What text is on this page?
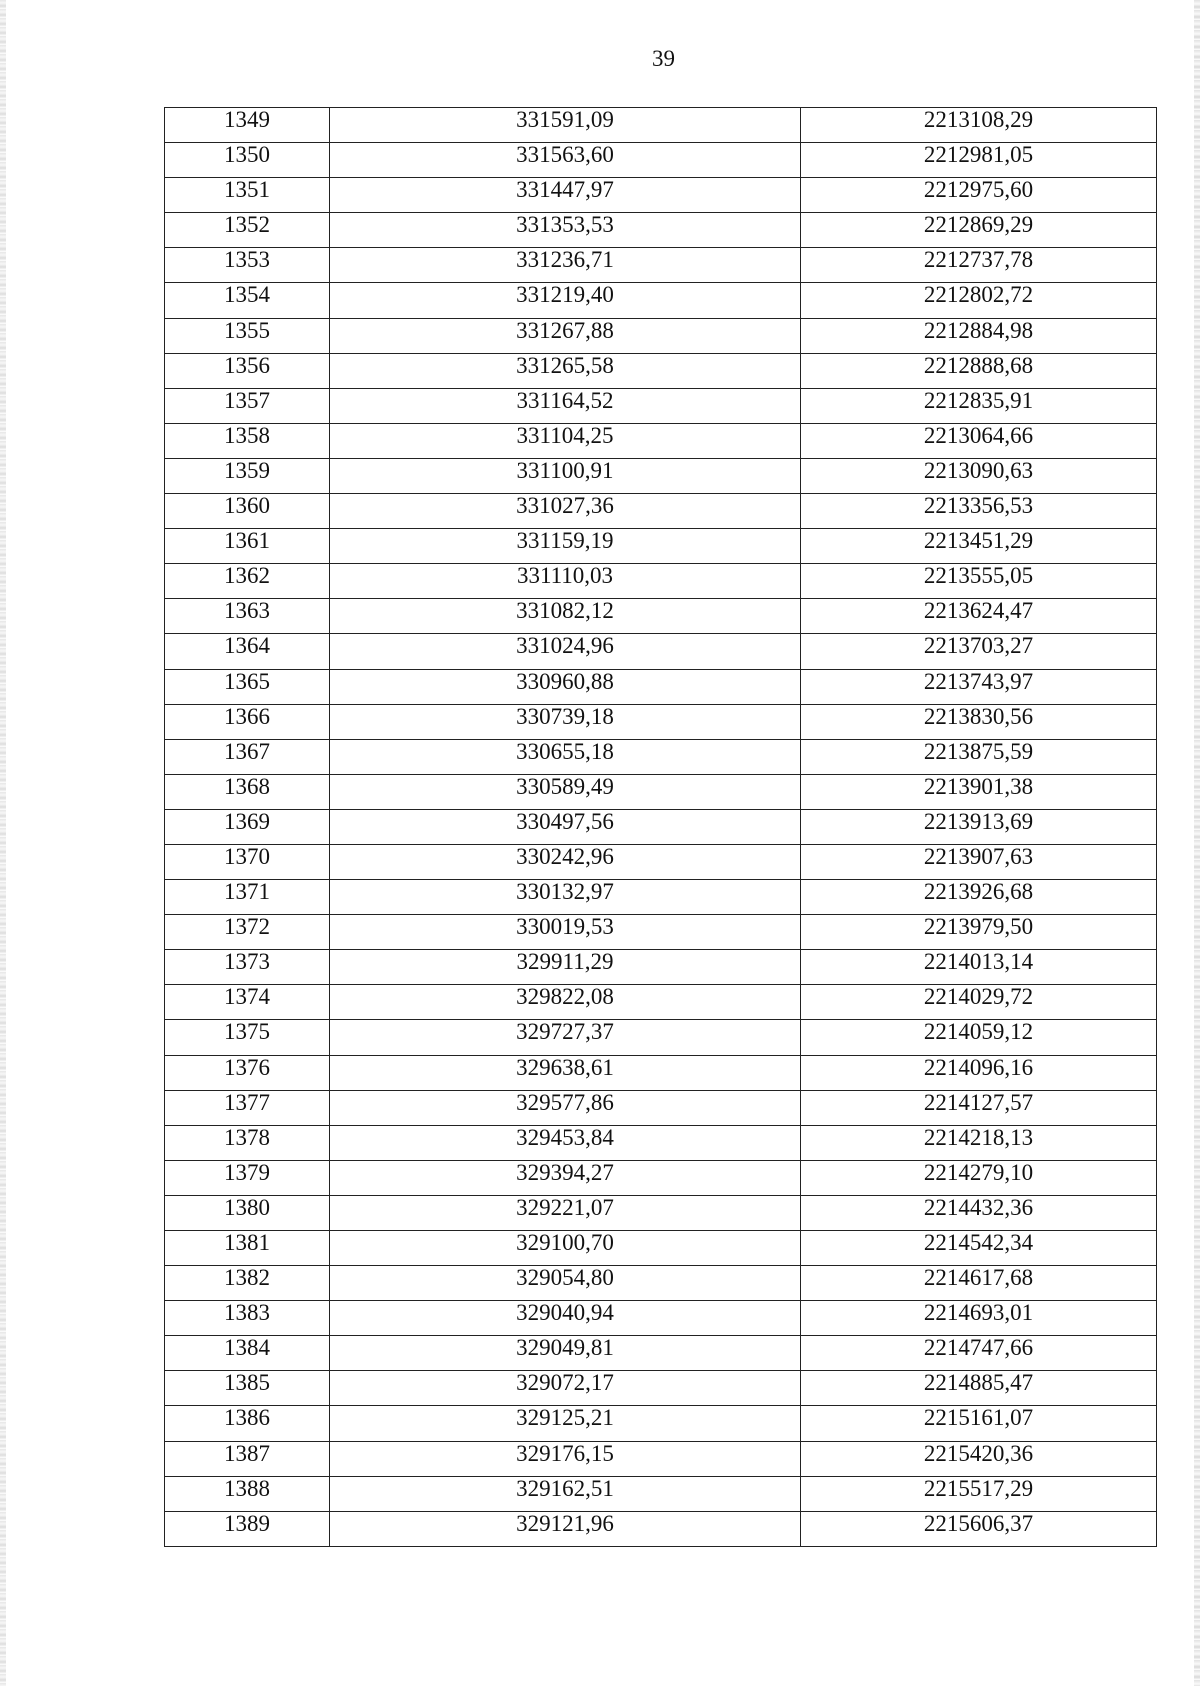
39
1349	331591,09	2213108,29
1350	331563,60	2212981,05
1351	331447,97	2212975,60
1352	331353,53	2212869,29
1353	331236,71	2212737,78
1354	331219,40	2212802,72
1355	331267,88	2212884,98
1356	331265,58	2212888,68
1357	331164,52	2212835,91
1358	331104,25	2213064,66
1359	331100,91	2213090,63
1360	331027,36	2213356,53
1361	331159,19	2213451,29
1362	331110,03	2213555,05
1363	331082,12	2213624,47
1364	331024,96	2213703,27
1365	330960,88	2213743,97
1366	330739,18	2213830,56
1367	330655,18	2213875,59
1368	330589,49	2213901,38
1369	330497,56	2213913,69
1370	330242,96	2213907,63
1371	330132,97	2213926,68
1372	330019,53	2213979,50
1373	329911,29	2214013,14
1374	329822,08	2214029,72
1375	329727,37	2214059,12
1376	329638,61	2214096,16
1377	329577,86	2214127,57
1378	329453,84	2214218,13
1379	329394,27	2214279,10
1380	329221,07	2214432,36
1381	329100,70	2214542,34
1382	329054,80	2214617,68
1383	329040,94	2214693,01
1384	329049,81	2214747,66
1385	329072,17	2214885,47
1386	329125,21	2215161,07
1387	329176,15	2215420,36
1388	329162,51	2215517,29
1389	329121,96	2215606,37
